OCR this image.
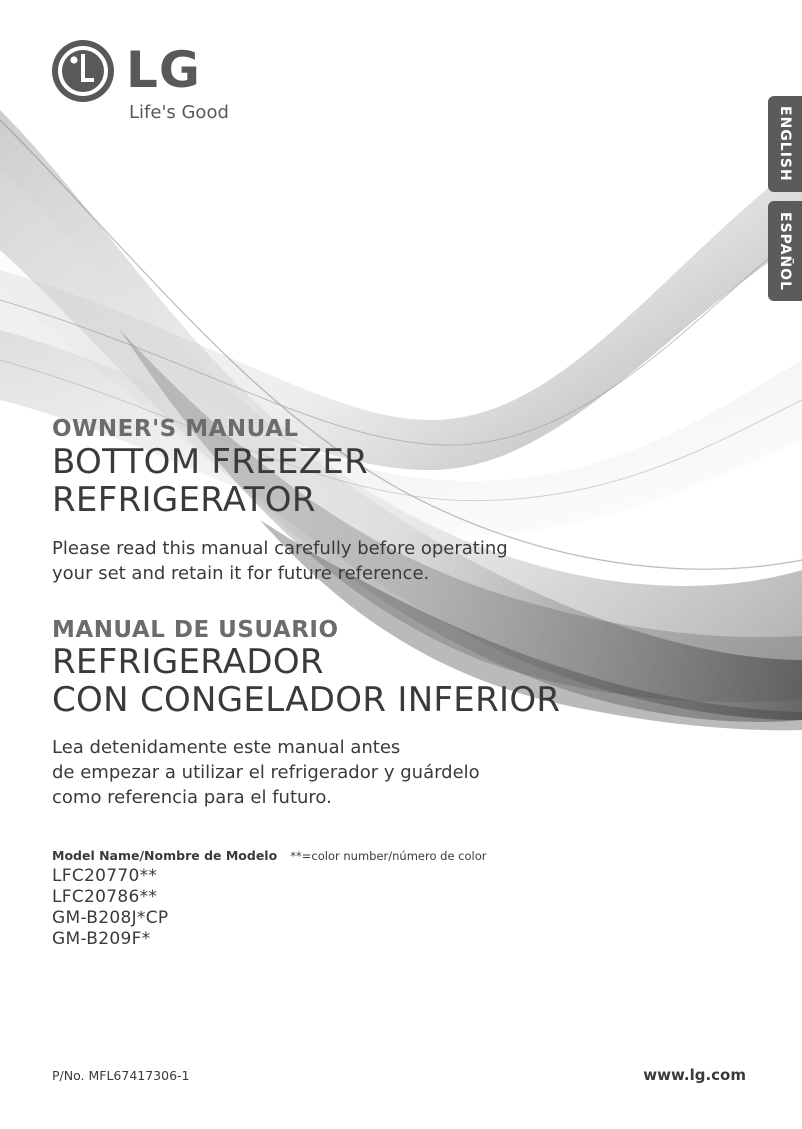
LG
Life's Good	ENGLISH
ESPAÑOL
OWNER'S MANUAL
BOTTOM FREEZER
REFRIGERATOR
Please read this manual carefully before operating
your set and retain it for future reference.
MANUAL DE USUARIO
REFRIGERADOR
CON CONGELADOR INFERIOR
Lea detenidamente este manual antes
de empezar a utilizar el refrigerador y guárdelo
como referencia para el futuro.
Model Name/Nombre de Modelo **=color number/número de color
LFC20770**
LFC20786**
GM-B208J*CP
GM-B209F*
P/No. MFL67417306-1	www.lg.com
